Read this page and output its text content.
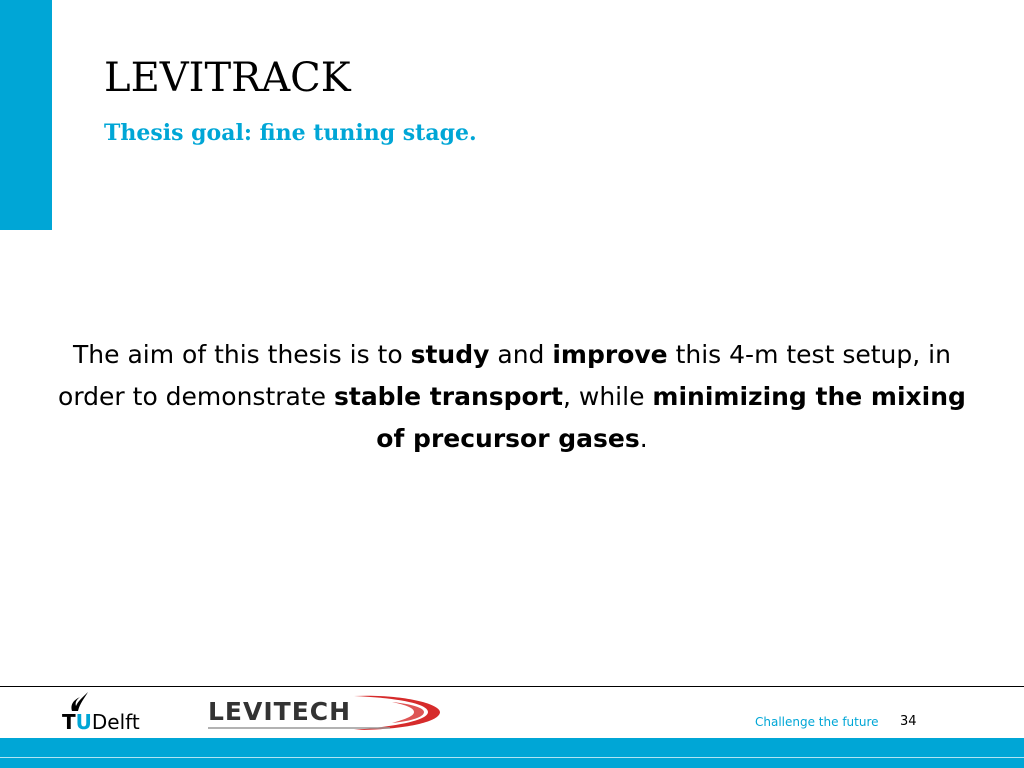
LEVITRACK
Thesis goal: fine tuning stage.

The aim of this thesis is to study and improve this 4-m test setup, in order to demonstrate stable transport, while minimizing the mixing of precursor gases.

TUDelft	LEVITECH	Challenge the future 34
